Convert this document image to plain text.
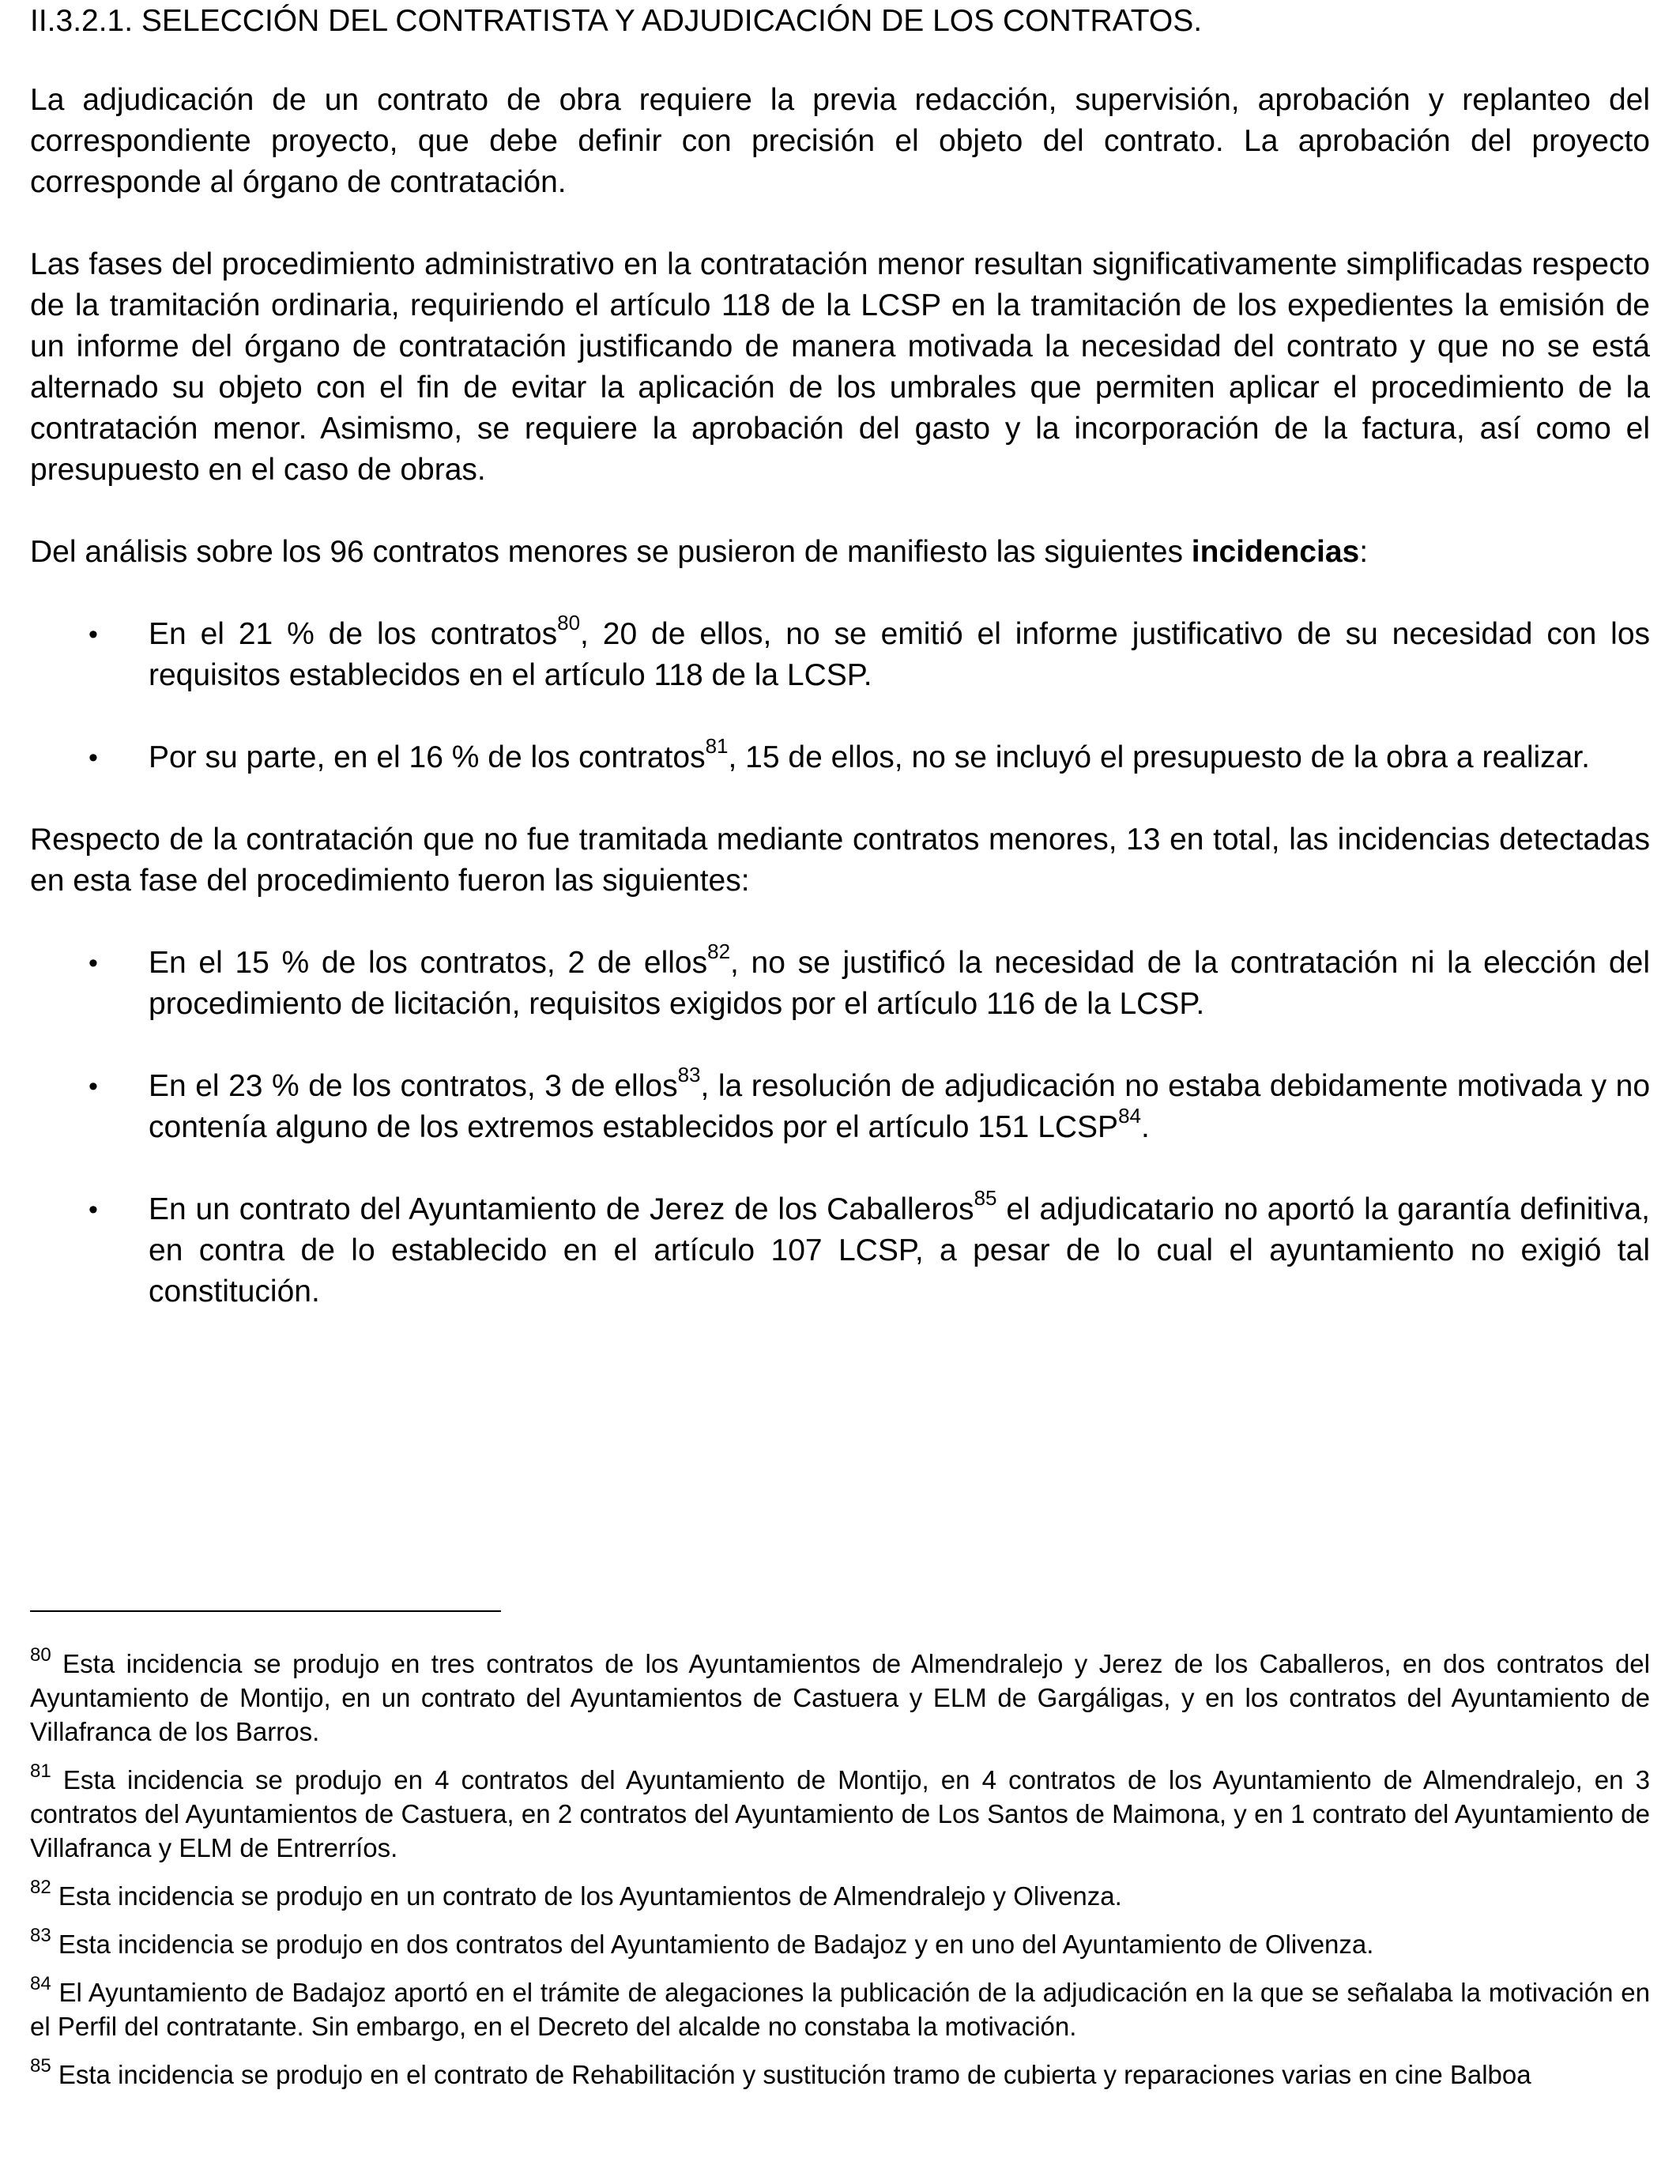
II.3.2.1. SELECCIÓN DEL CONTRATISTA Y ADJUDICACIÓN DE LOS CONTRATOS.

La adjudicación de un contrato de obra requiere la previa redacción, supervisión, aprobación y replanteo del correspondiente proyecto, que debe definir con precisión el objeto del contrato. La aprobación del proyecto corresponde al órgano de contratación.

Las fases del procedimiento administrativo en la contratación menor resultan significativamente simplificadas respecto de la tramitación ordinaria, requiriendo el artículo 118 de la LCSP en la tramitación de los expedientes la emisión de un informe del órgano de contratación justificando de manera motivada la necesidad del contrato y que no se está alternado su objeto con el fin de evitar la aplicación de los umbrales que permiten aplicar el procedimiento de la contratación menor. Asimismo, se requiere la aprobación del gasto y la incorporación de la factura, así como el presupuesto en el caso de obras.

Del análisis sobre los 96 contratos menores se pusieron de manifiesto las siguientes incidencias:

• En el 21 % de los contratos$^{80}$, 20 de ellos, no se emitió el informe justificativo de su necesidad con los requisitos establecidos en el artículo 118 de la LCSP.
• Por su parte, en el 16 % de los contratos$^{81}$, 15 de ellos, no se incluyó el presupuesto de la obra a realizar.

Respecto de la contratación que no fue tramitada mediante contratos menores, 13 en total, las incidencias detectadas en esta fase del procedimiento fueron las siguientes:

• En el 15 % de los contratos, 2 de ellos$^{82}$, no se justificó la necesidad de la contratación ni la elección del procedimiento de licitación, requisitos exigidos por el artículo 116 de la LCSP.
• En el 23 % de los contratos, 3 de ellos$^{83}$, la resolución de adjudicación no estaba debidamente motivada y no contenía alguno de los extremos establecidos por el artículo 151 LCSP$^{84}$.
• En un contrato del Ayuntamiento de Jerez de los Caballeros$^{85}$ el adjudicatario no aportó la garantía definitiva, en contra de lo establecido en el artículo 107 LCSP, a pesar de lo cual el ayuntamiento no exigió tal constitución.

$^{80}$ Esta incidencia se produjo en tres contratos de los Ayuntamientos de Almendralejo y Jerez de los Caballeros, en dos contratos del Ayuntamiento de Montijo, en un contrato del Ayuntamientos de Castuera y ELM de Gargáligas, y en los contratos del Ayuntamiento de Villafranca de los Barros.

$^{81}$ Esta incidencia se produjo en 4 contratos del Ayuntamiento de Montijo, en 4 contratos de los Ayuntamiento de Almendralejo, en 3 contratos del Ayuntamientos de Castuera, en 2 contratos del Ayuntamiento de Los Santos de Maimona, y en 1 contrato del Ayuntamiento de Villafranca y ELM de Entrerríos.

$^{82}$ Esta incidencia se produjo en un contrato de los Ayuntamientos de Almendralejo y Olivenza.

$^{83}$ Esta incidencia se produjo en dos contratos del Ayuntamiento de Badajoz y en uno del Ayuntamiento de Olivenza.

$^{84}$ El Ayuntamiento de Badajoz aportó en el trámite de alegaciones la publicación de la adjudicación en la que se señalaba la motivación en el Perfil del contratante. Sin embargo, en el Decreto del alcalde no constaba la motivación.

$^{85}$ Esta incidencia se produjo en el contrato de Rehabilitación y sustitución tramo de cubierta y reparaciones varias en cine Balboa
